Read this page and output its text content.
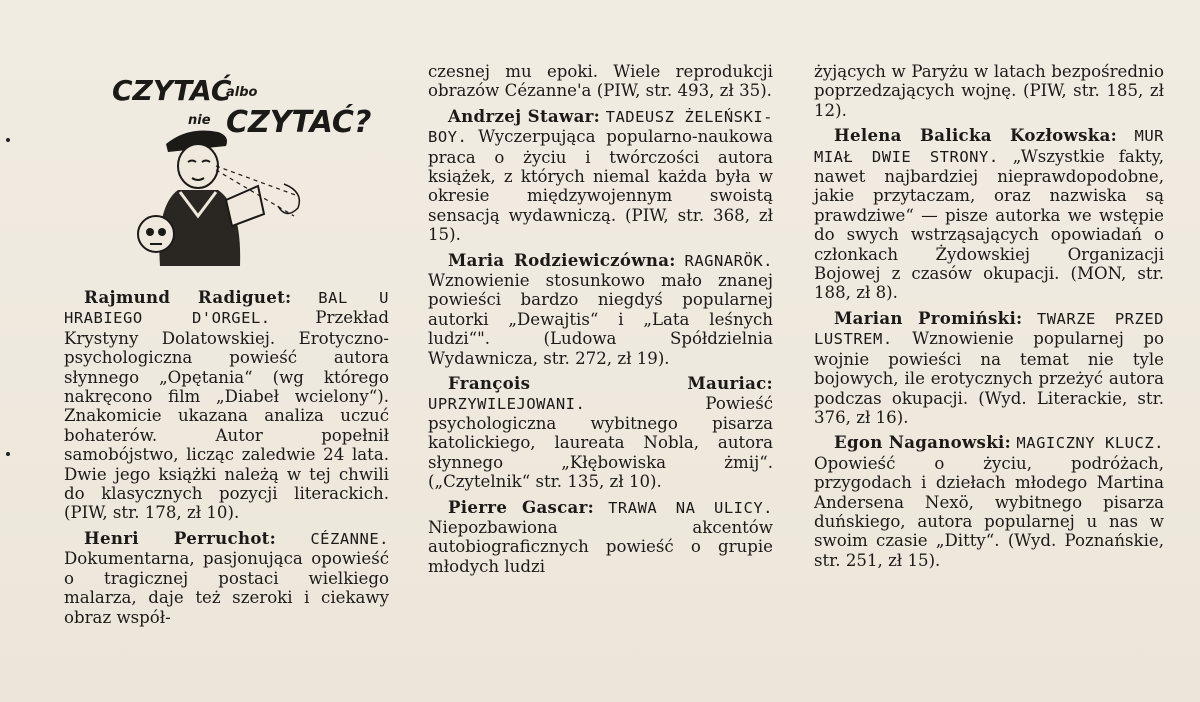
CZYTAĆ
albo
nie CZYTAĆ?

Rajmund Radiguet: BAL U HRABIEGO D'ORGEL.	Przekład Krystyny Dolatowskiej. Erotyczno-psychologiczna powieść autora słynnego „Opętania“ (wg którego nakręcono film „Diabeł wcielony“). Znakomicie ukazana analiza uczuć bohaterów. Autor popełnił samobójstwo, licząc zaledwie 24 lata. Dwie jego książki należą w tej chwili do klasycznych pozycji literackich. (PIW, str. 178, zł 10).

Henri Perruchot: CÉZANNE. Dokumentarna, pasjonująca opowieść o tragicznej postaci wielkiego malarza, daje też szeroki i ciekawy obraz współ-

czesnej mu epoki. Wiele reprodukcji obrazów Cézanne'a (PIW, str. 493, zł 35).

Andrzej Stawar: TADEUSZ ŻELEŃSKI-BOY. Wyczerpująca popularno-naukowa praca o życiu i twórczości autora książek, z których niemal każda była w okresie międzywojennym swoistą sensacją wydawniczą. (PIW, str. 368, zł 15).

Maria Rodziewiczówna: RAGNARÖK. Wznowienie stosunkowo mało znanej powieści bardzo niegdyś popularnej autorki „Dewajtis“ i „Lata leśnych ludzi“". (Ludowa Spółdzielnia Wydawnicza, str. 272, zł 19).

François Mauriac: UPRZYWILEJOWANI.	Powieść psychologiczna wybitnego pisarza katolickiego, laureata Nobla, autora słynnego „Kłębowiska żmij“. („Czytelnik“ str. 135, zł 10).

Pierre Gascar: TRAWA NA ULICY. Niepozbawiona akcentów autobiograficznych powieść o grupie młodych ludzi

żyjących w Paryżu w latach bezpośrednio poprzedzających wojnę. (PIW, str. 185, zł 12).

Helena Balicka Kozłowska: MUR MIAŁ DWIE STRONY. „Wszystkie fakty, nawet najbardziej nieprawdopodobne, jakie przytaczam, oraz nazwiska są prawdziwe“ — pisze autorka we wstępie do swych wstrząsających opowiadań o członkach Żydowskiej Organizacji Bojowej z czasów okupacji. (MON, str. 188, zł 8).

Marian Promiński: TWARZE PRZED LUSTREM. Wznowienie popularnej po wojnie powieści na temat nie tyle bojowych, ile erotycznych przeżyć autora podczas okupacji. (Wyd. Literackie, str. 376, zł 16).

Egon Naganowski: MAGICZNY KLUCZ. Opowieść o życiu, podróżach, przygodach i dziełach młodego Martina Andersena Nexö, wybitnego pisarza duńskiego, autora popularnej u nas w swoim czasie „Ditty“. (Wyd. Poznańskie, str. 251, zł 15).
